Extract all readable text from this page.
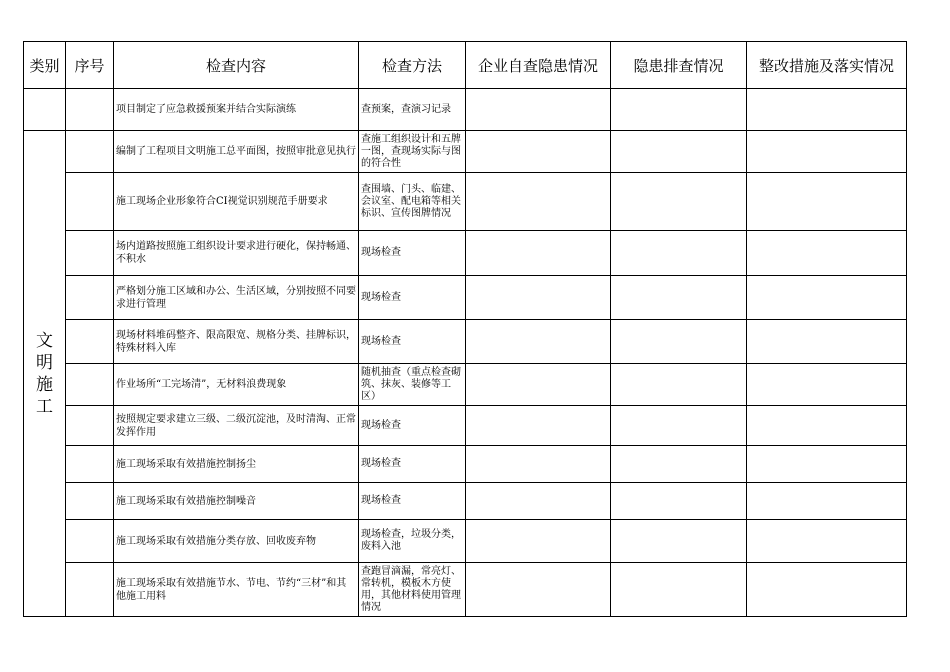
类别	序号	检查内容	检查方法	企业自查隐患情况	隐患排查情况	整改措施及落实情况
		项目制定了应急救援预案并结合实际演练	查预案，查演习记录			
文明施工		编制了工程项目文明施工总平面图，按照审批意见执行	查施工组织设计和五牌一图，查现场实际与图的符合性			
		施工现场企业形象符合CI视觉识别规范手册要求	查围墙、门头、临建、会议室、配电箱等相关标识、宣传图牌情况			
		场内道路按照施工组织设计要求进行硬化，保持畅通、不积水	现场检查			
		严格划分施工区域和办公、生活区域，分别按照不同要求进行管理	现场检查			
		现场材料堆码整齐、限高限宽、规格分类、挂牌标识，特殊材料入库	现场检查			
		作业场所“工完场清”，无材料浪费现象	随机抽查（重点检查砌筑、抹灰、装修等工区）			
		按照规定要求建立三级、二级沉淀池，及时清淘、正常发挥作用	现场检查			
		施工现场采取有效措施控制扬尘	现场检查			
		施工现场采取有效措施控制噪音	现场检查			
		施工现场采取有效措施分类存放、回收废弃物	现场检查，垃圾分类，废料入池			
		施工现场采取有效措施节水、节电、节约“三材”和其他施工用料	查跑冒滴漏，常亮灯、常转机，模板木方使用，其他材料使用管理情况			
